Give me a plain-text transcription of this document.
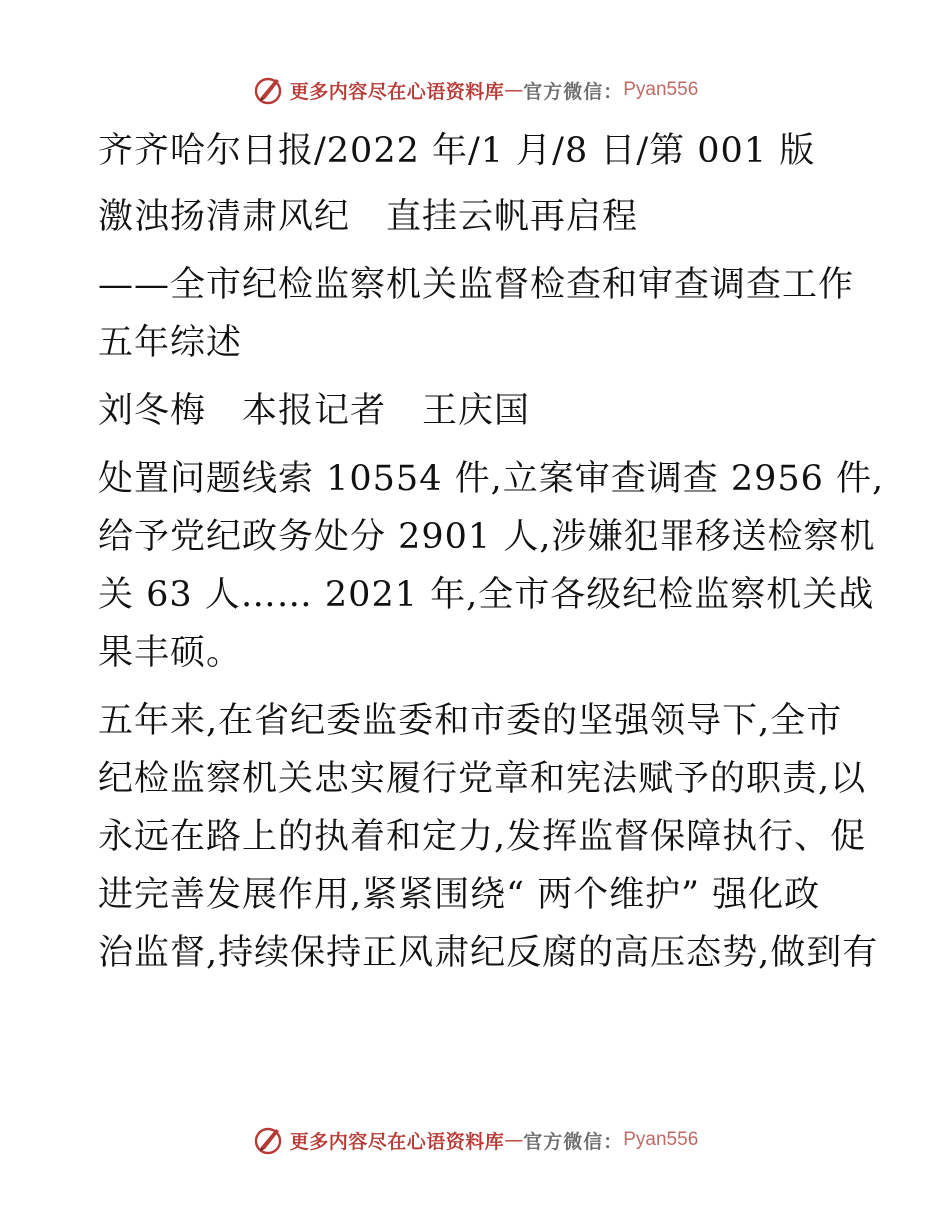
更多内容尽在心语资料库 — 官方微信： Pyan556

齐齐哈尔日报/2022 年/1 月/8 日/第 001 版

激浊扬清肃风纪　直挂云帆再启程

——全市纪检监察机关监督检查和审查调查工作

五年综述

刘冬梅　本报记者　王庆国

处置问题线索 10554 件,立案审查调查 2956 件,

给予党纪政务处分 2901 人,涉嫌犯罪移送检察机

关 63 人…… 2021 年,全市各级纪检监察机关战

果丰硕。

五年来,在省纪委监委和市委的坚强领导下,全市

纪检监察机关忠实履行党章和宪法赋予的职责,以

永远在路上的执着和定力,发挥监督保障执行、促

进完善发展作用,紧紧围绕“ 两个维护” 强化政

治监督,持续保持正风肃纪反腐的高压态势,做到有

更多内容尽在心语资料库 — 官方微信： Pyan556
